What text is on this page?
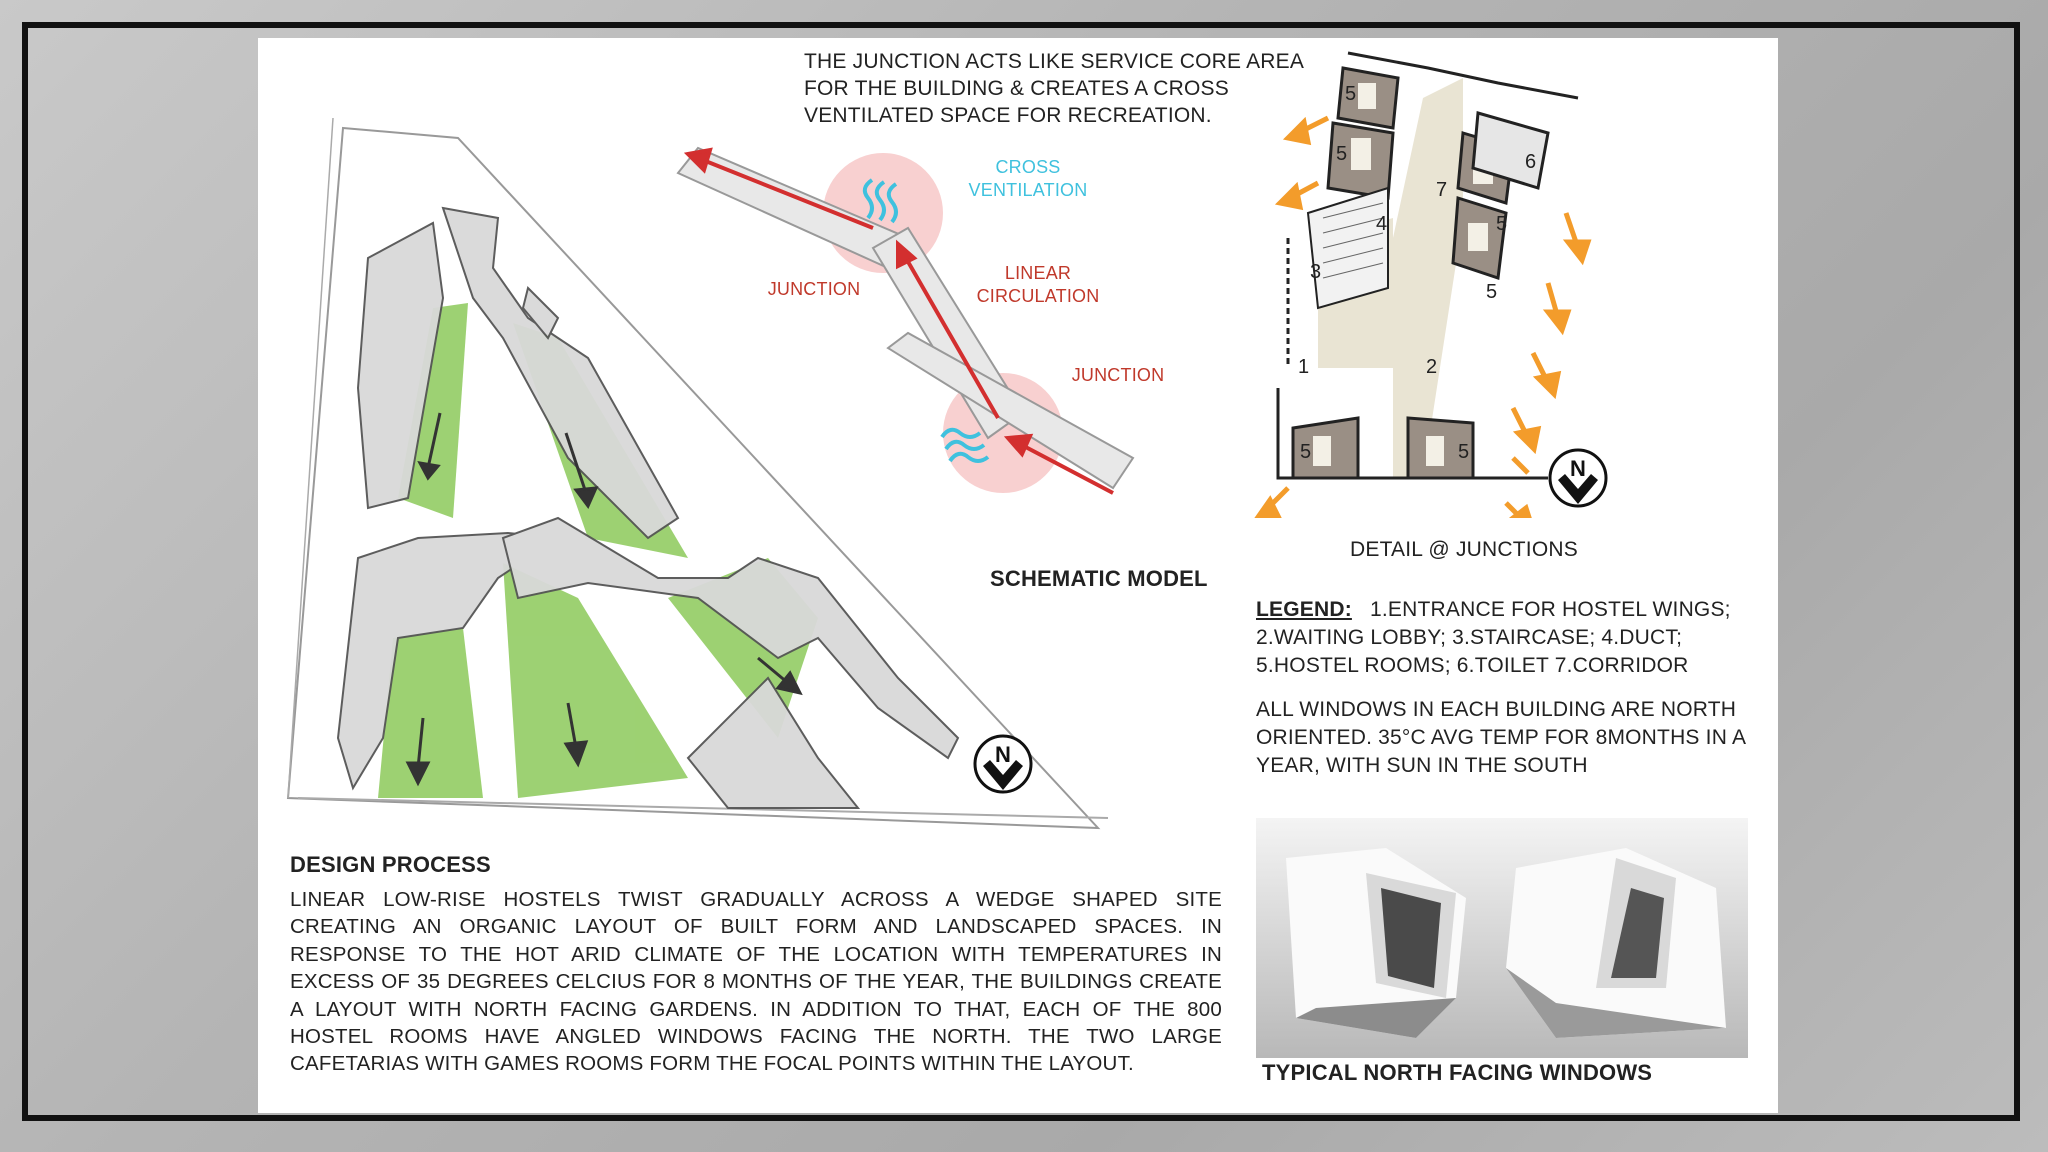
N
THE JUNCTION ACTS LIKE SERVICE CORE AREA FOR THE BUILDING & CREATES A CROSS VENTILATED SPACE FOR RECREATION.
CROSS
VENTILATION
JUNCTION
LINEAR
CIRCULATION
JUNCTION
SCHEMATIC MODEL
5
5	6
7
4	5
3
5
1	2
5	5
N
DETAIL @ JUNCTIONS
LEGEND: 1.ENTRANCE FOR HOSTEL WINGS;
2.WAITING LOBBY; 3.STAIRCASE; 4.DUCT;
5.HOSTEL ROOMS; 6.TOILET 7.CORRIDOR
ALL WINDOWS IN EACH BUILDING ARE NORTH ORIENTED. 35°C AVG TEMP FOR 8MONTHS IN A YEAR, WITH SUN IN THE SOUTH
TYPICAL NORTH FACING WINDOWS
DESIGN PROCESS
LINEAR LOW-RISE HOSTELS TWIST GRADUALLY ACROSS A WEDGE SHAPED SITE CREATING AN ORGANIC LAYOUT OF BUILT FORM AND LANDSCAPED SPACES. IN RESPONSE TO THE HOT ARID CLIMATE OF THE LOCATION WITH TEMPERATURES IN EXCESS OF 35 DEGREES CELCIUS FOR 8 MONTHS OF THE YEAR, THE BUILDINGS CREATE A LAYOUT WITH NORTH FACING GARDENS. IN ADDITION TO THAT, EACH OF THE 800 HOSTEL ROOMS HAVE ANGLED WINDOWS FACING THE NORTH. THE TWO LARGE CAFETARIAS WITH GAMES ROOMS FORM THE FOCAL POINTS WITHIN THE LAYOUT.
